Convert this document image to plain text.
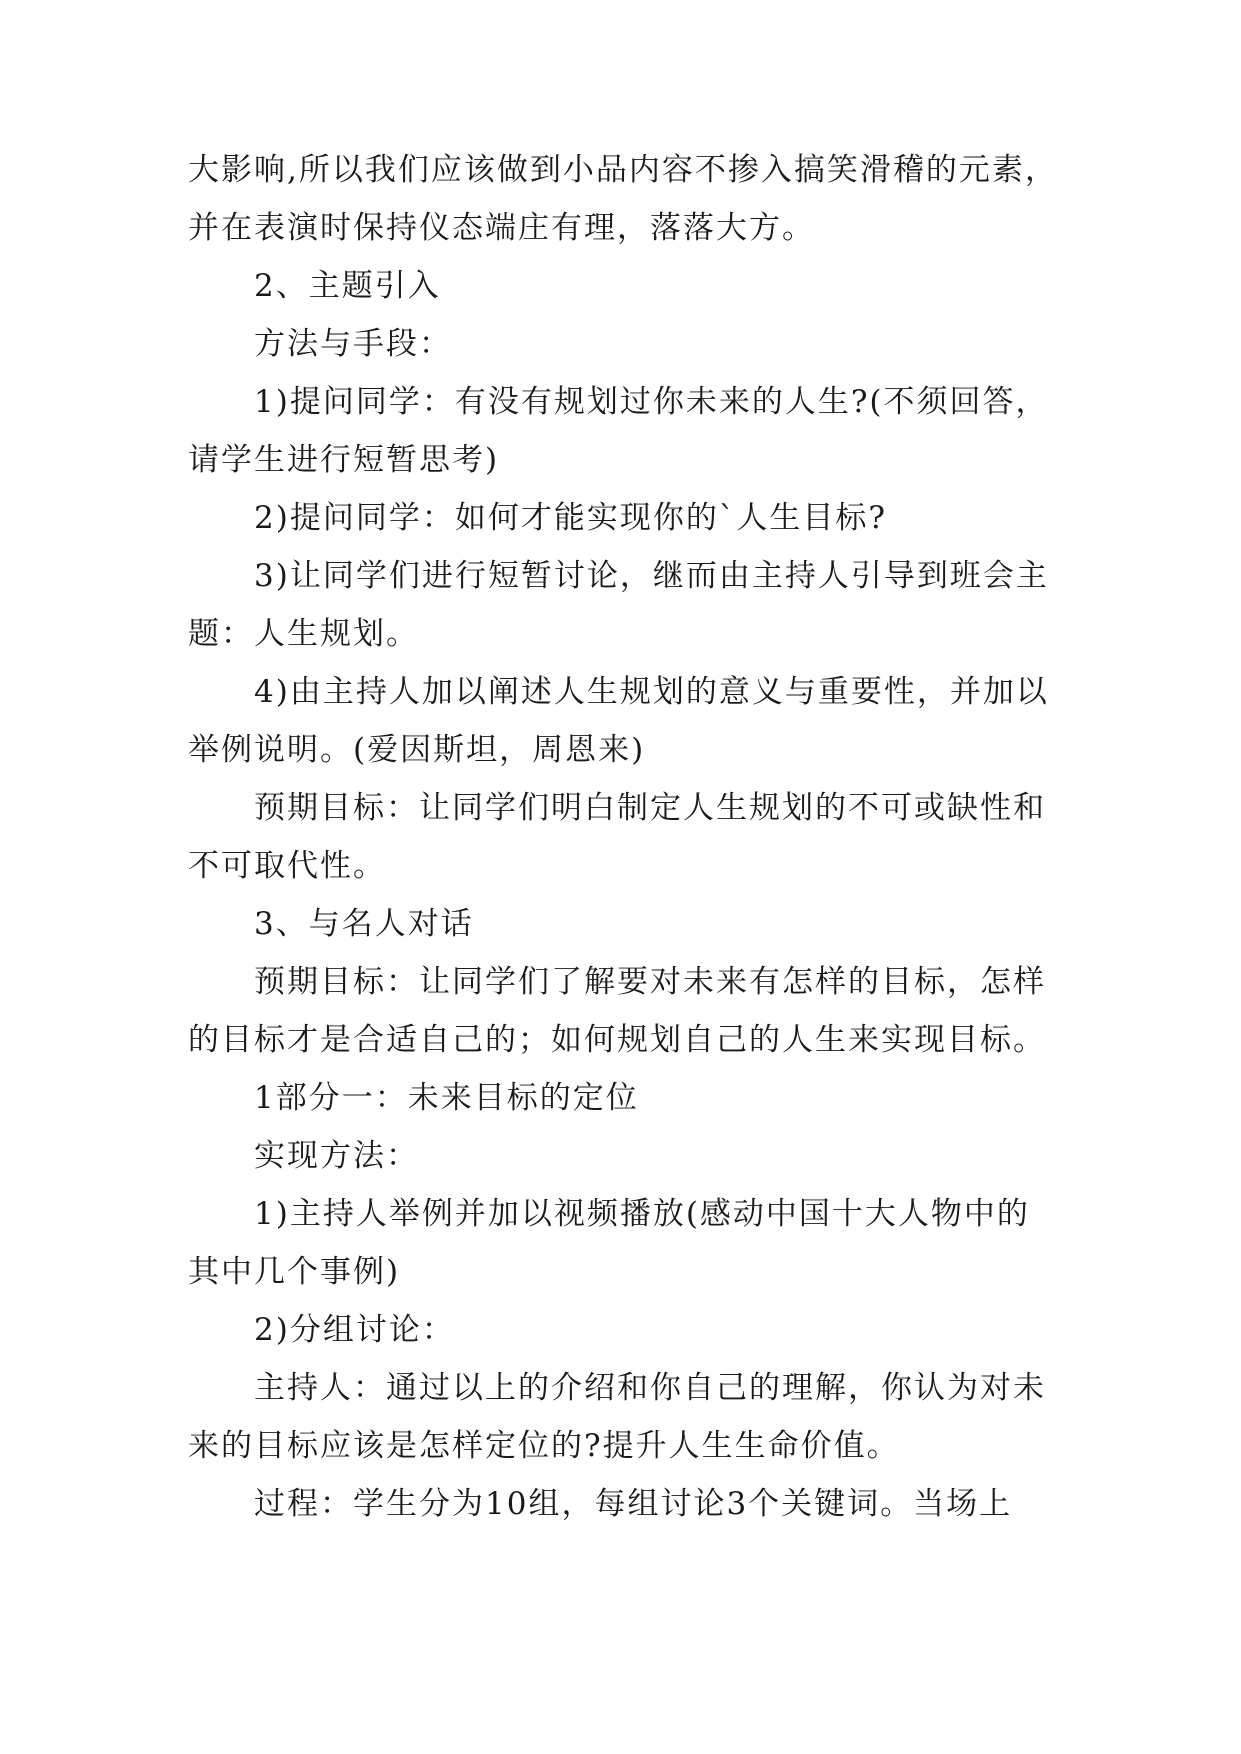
大影响,所以我们应该做到小品内容不掺入搞笑滑稽的元素，
并在表演时保持仪态端庄有理，落落大方。
2、主题引入
方法与手段：
1)提问同学：有没有规划过你未来的人生?(不须回答，
请学生进行短暂思考)
2)提问同学：如何才能实现你的`人生目标?
3)让同学们进行短暂讨论，继而由主持人引导到班会主
题：人生规划。
4)由主持人加以阐述人生规划的意义与重要性，并加以
举例说明。(爱因斯坦，周恩来)
预期目标：让同学们明白制定人生规划的不可或缺性和
不可取代性。
3、与名人对话
预期目标：让同学们了解要对未来有怎样的目标，怎样
的目标才是合适自己的；如何规划自己的人生来实现目标。
1部分一：未来目标的定位
实现方法：
1)主持人举例并加以视频播放(感动中国十大人物中的
其中几个事例)
2)分组讨论：
主持人：通过以上的介绍和你自己的理解，你认为对未
来的目标应该是怎样定位的?提升人生生命价值。
过程：学生分为10组，每组讨论3个关键词。当场上
